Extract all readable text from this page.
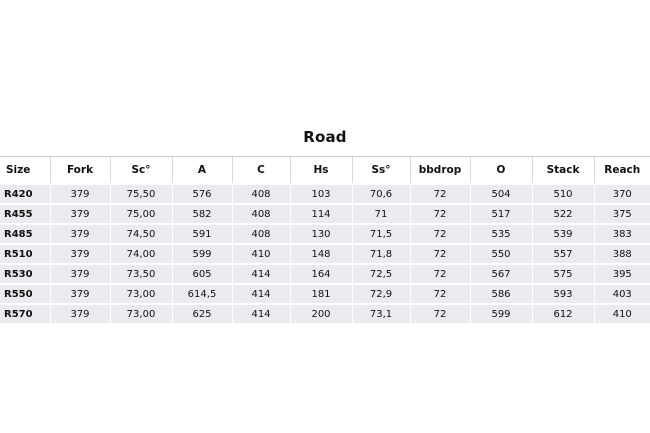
Road
Size	Fork	Sc°	A	C	Hs	Ss°	bbdrop	O	Stack	Reach
R420	379	75,50	576	408	103	70,6	72	504	510	370
R455	379	75,00	582	408	114	71	72	517	522	375
R485	379	74,50	591	408	130	71,5	72	535	539	383
R510	379	74,00	599	410	148	71,8	72	550	557	388
R530	379	73,50	605	414	164	72,5	72	567	575	395
R550	379	73,00	614,5	414	181	72,9	72	586	593	403
R570	379	73,00	625	414	200	73,1	72	599	612	410
